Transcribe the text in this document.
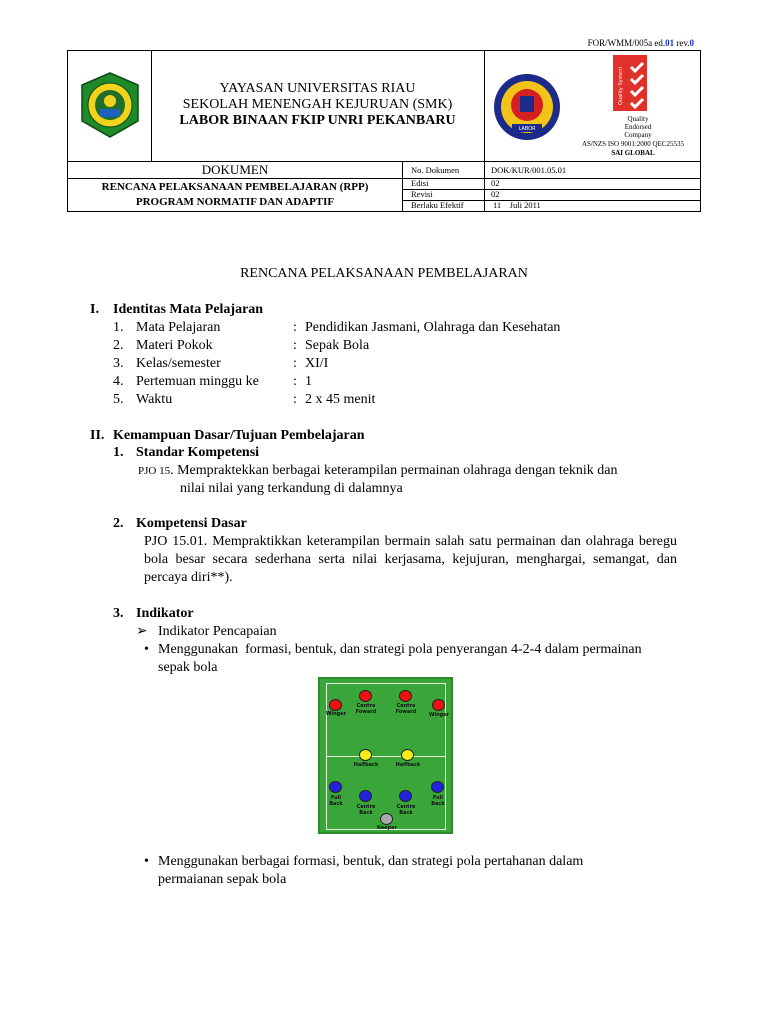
FOR/WMM/005a ed.01 rev.0
YAYASAN UNIVERSITAS RIAU
SEKOLAH MENENGAH KEJURUAN (SMK)
LABOR BINAAN FKIP UNRI PEKANBARU
LABOR
Quality System
Quality
Endorsed
Company
AS/NZS ISO 9001:2000 QEC25535
SAI GLOBAL
DOKUMEN
RENCANA PELAKSANAAN PEMBELAJARAN (RPP)
PROGRAM NORMATIF DAN ADAPTIF
No. Dokumen	DOK/KUR/001.05.01
Edisi	02
Revisi	02
Berlaku Efektif	11    Juli 2011
RENCANA PELAKSANAAN PEMBELAJARAN
I. Identitas Mata Pelajaran
1. Mata Pelajaran	: Pendidikan Jasmani, Olahraga dan Kesehatan
2. Materi Pokok	: Sepak Bola
3. Kelas/semester	: XI/I
4. Pertemuan minggu ke : 1
5. Waktu	: 2 x 45 menit
II. Kemampuan Dasar/Tujuan Pembelajaran
1. Standar Kompetensi
PJO 15. Mempraktekkan berbagai keterampilan permainan olahraga dengan teknik dan
nilai nilai yang terkandung di dalamnya
2. Kompetensi Dasar
PJO 15.01. Mempraktikkan keterampilan bermain salah satu permainan dan olahraga beregu bola besar secara sederhana serta nilai kerjasama, kejujuran, menghargai, semangat, dan percaya diri**).
3. Indikator
➢ Indikator Pencapaian
• Menggunakan  formasi, bentuk, dan strategi pola penyerangan 4-2-4 dalam permainan
sepak bola
Winger
Centre
Foward
Centre
Foward	Winger
Halfback	Halfback
Full
Back	Centre
Back
Centre
Back
Full
Back
Keeper
• Menggunakan berbagai formasi, bentuk, dan strategi pola pertahanan dalam
permaianan sepak bola
